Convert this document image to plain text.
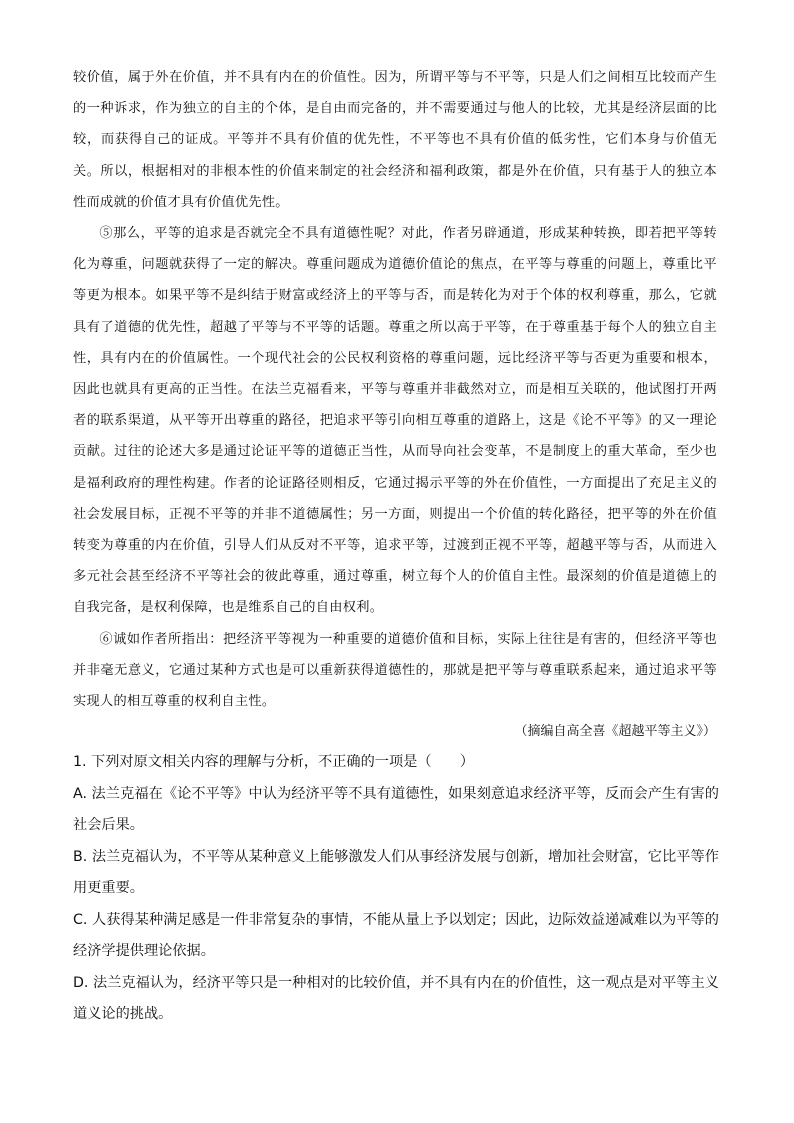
较价值，属于外在价值，并不具有内在的价值性。因为，所谓平等与不平等，只是人们之间相互比较而产生的一种诉求，作为独立的自主的个体，是自由而完备的，并不需要通过与他人的比较，尤其是经济层面的比较，而获得自己的证成。平等并不具有价值的优先性，不平等也不具有价值的低劣性，它们本身与价值无关。所以，根据相对的非根本性的价值来制定的社会经济和福利政策，都是外在价值，只有基于人的独立本性而成就的价值才具有价值优先性。

⑤那么，平等的追求是否就完全不具有道德性呢？对此，作者另辟通道，形成某种转换，即若把平等转化为尊重，问题就获得了一定的解决。尊重问题成为道德价值论的焦点，在平等与尊重的问题上，尊重比平等更为根本。如果平等不是纠结于财富或经济上的平等与否，而是转化为对于个体的权利尊重，那么，它就具有了道德的优先性，超越了平等与不平等的话题。尊重之所以高于平等，在于尊重基于每个人的独立自主性，具有内在的价值属性。一个现代社会的公民权利资格的尊重问题，远比经济平等与否更为重要和根本，因此也就具有更高的正当性。在法兰克福看来，平等与尊重并非截然对立，而是相互关联的，他试图打开两者的联系渠道，从平等开出尊重的路径，把追求平等引向相互尊重的道路上，这是《论不平等》的又一理论贡献。过往的论述大多是通过论证平等的道德正当性，从而导向社会变革，不是制度上的重大革命，至少也是福利政府的理性构建。作者的论证路径则相反，它通过揭示平等的外在价值性，一方面提出了充足主义的社会发展目标，正视不平等的并非不道德属性；另一方面，则提出一个价值的转化路径，把平等的外在价值转变为尊重的内在价值，引导人们从反对不平等，追求平等，过渡到正视不平等，超越平等与否，从而进入多元社会甚至经济不平等社会的彼此尊重，通过尊重，树立每个人的价值自主性。最深刻的价值是道德上的自我完备，是权利保障，也是维系自己的自由权利。

⑥诚如作者所指出：把经济平等视为一种重要的道德价值和目标，实际上往往是有害的，但经济平等也并非毫无意义，它通过某种方式也是可以重新获得道德性的，那就是把平等与尊重联系起来，通过追求平等实现人的相互尊重的权利自主性。

（摘编自高全喜《超越平等主义》）

1. 下列对原文相关内容的理解与分析，不正确的一项是（　　）

A. 法兰克福在《论不平等》中认为经济平等不具有道德性，如果刻意追求经济平等，反而会产生有害的社会后果。

B. 法兰克福认为，不平等从某种意义上能够激发人们从事经济发展与创新，增加社会财富，它比平等作用更重要。

C. 人获得某种满足感是一件非常复杂的事情，不能从量上予以划定；因此，边际效益递减难以为平等的经济学提供理论依据。

D. 法兰克福认为，经济平等只是一种相对的比较价值，并不具有内在的价值性，这一观点是对平等主义道义论的挑战。
